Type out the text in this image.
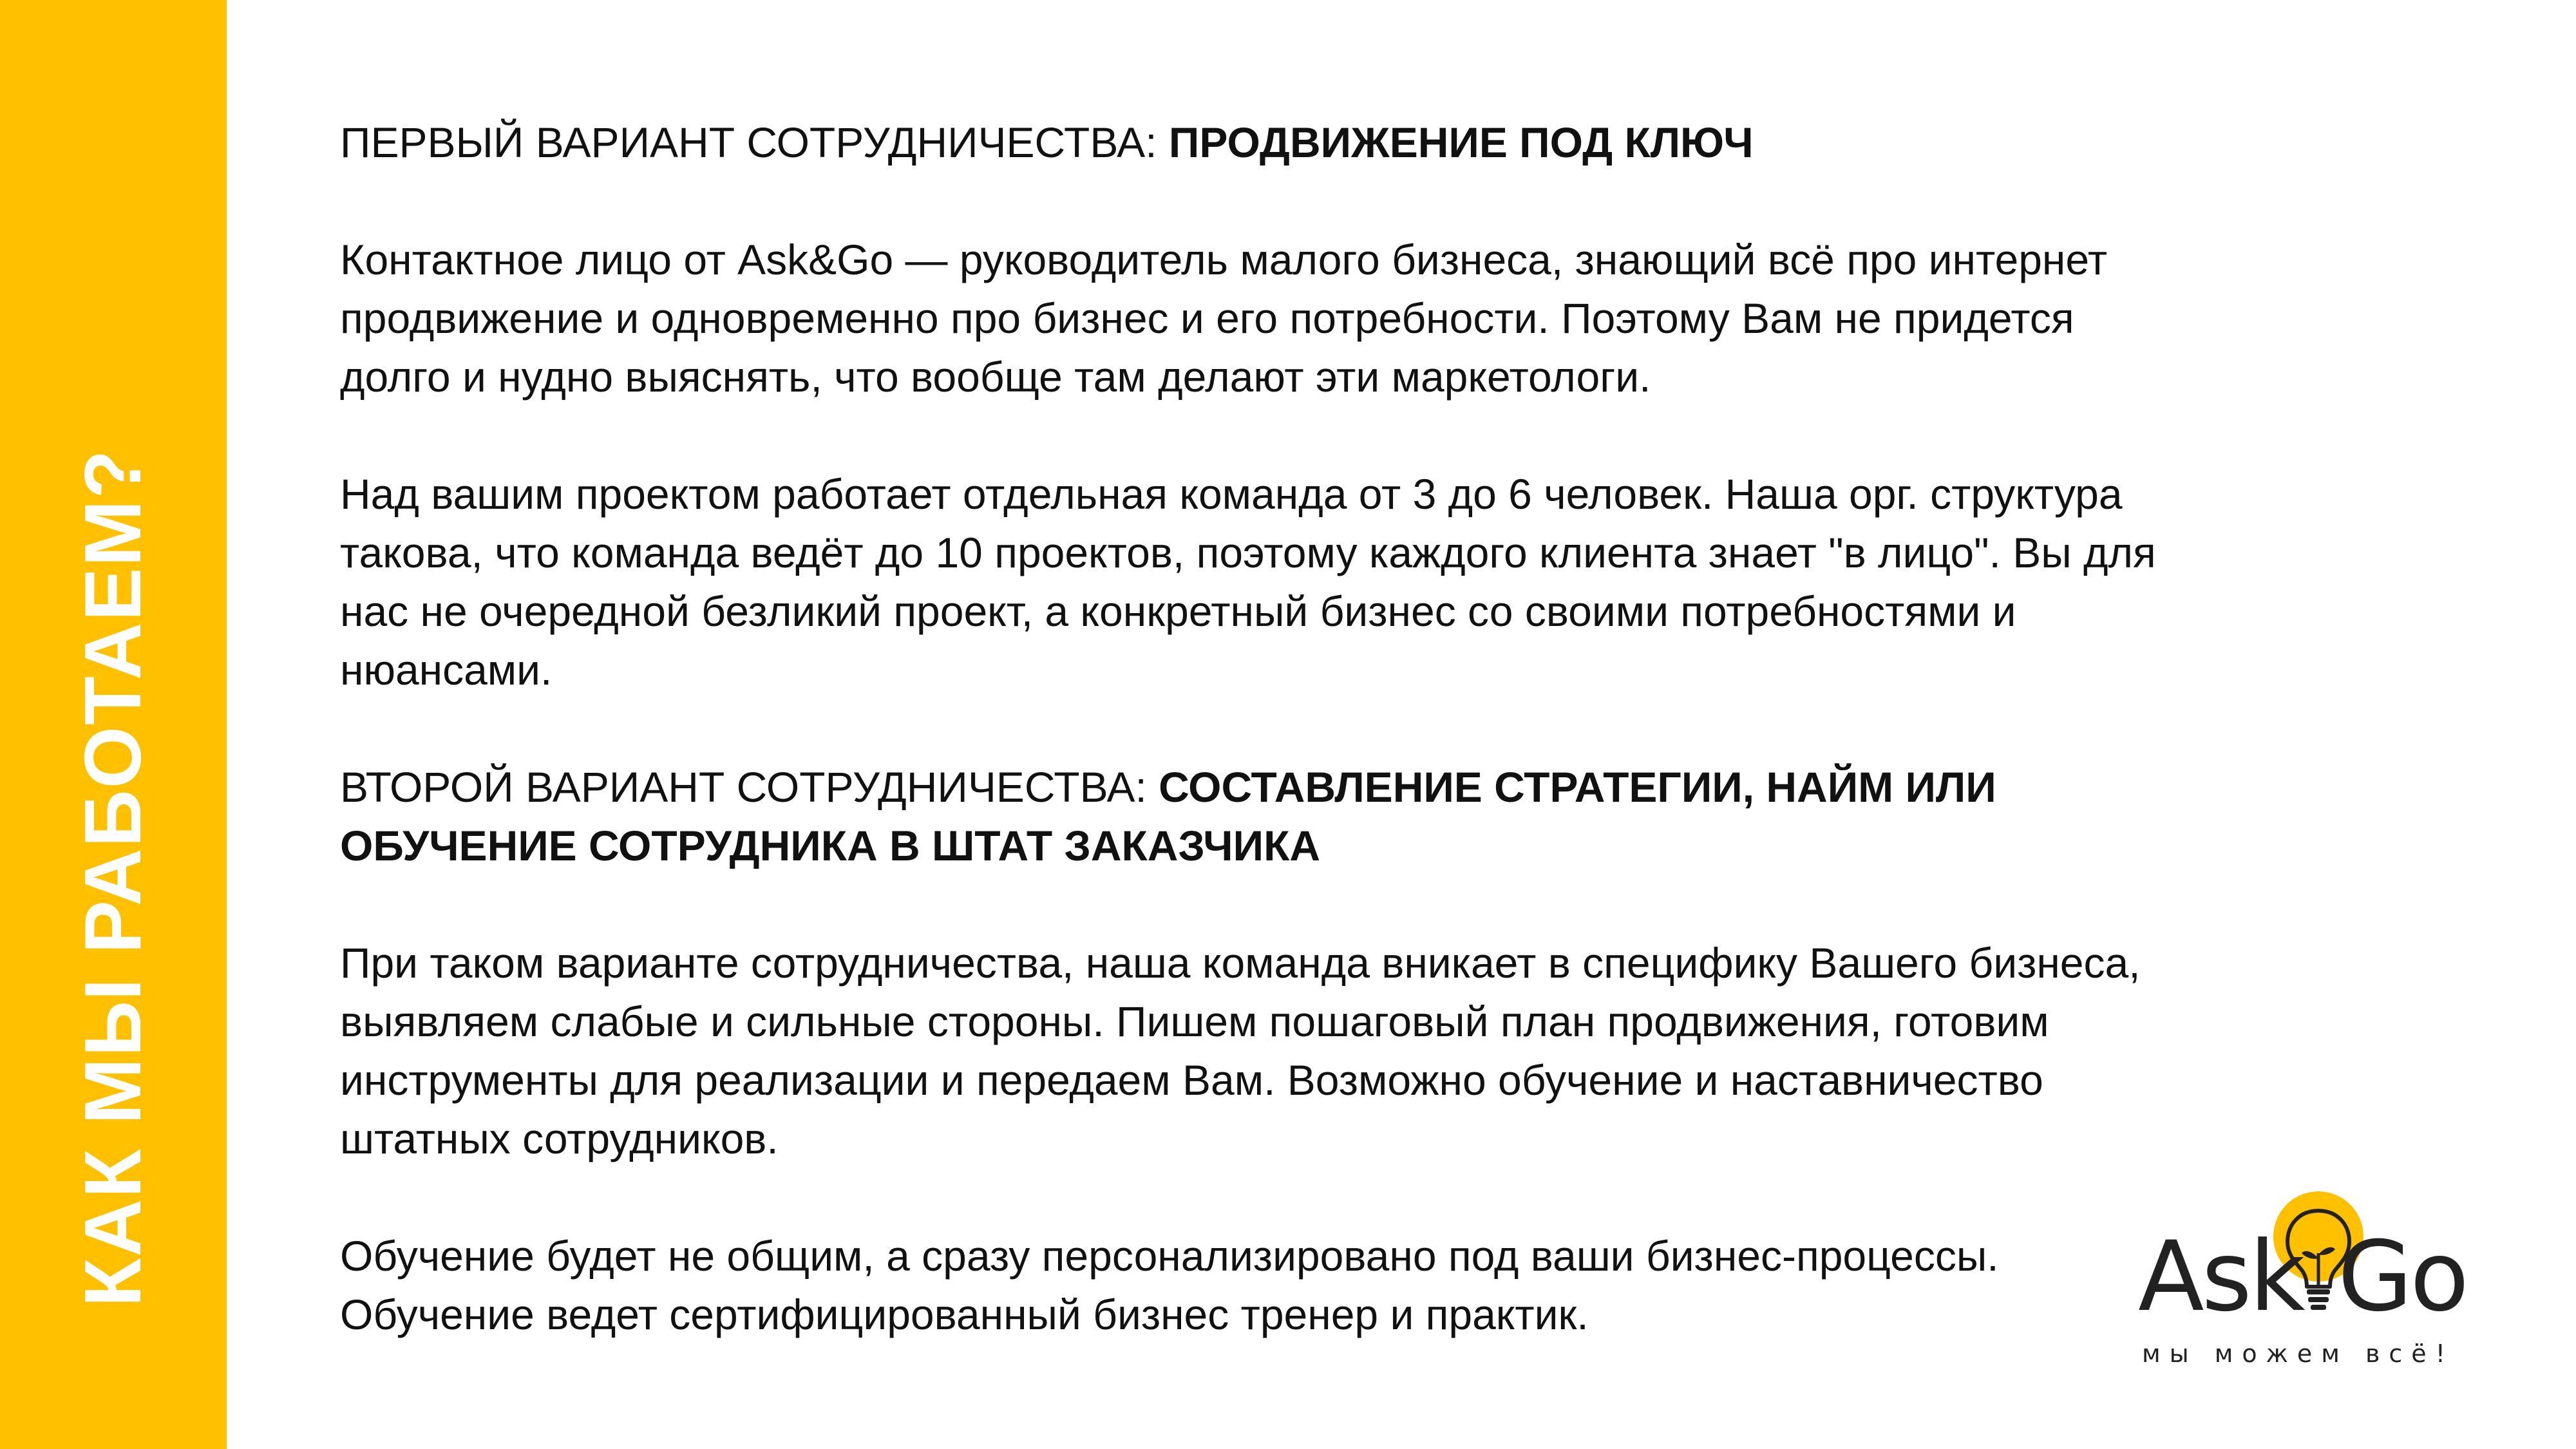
КАК МЫ РАБОТАЕМ?

ПЕРВЫЙ ВАРИАНТ СОТРУДНИЧЕСТВА: ПРОДВИЖЕНИЕ ПОД КЛЮЧ

Контактное лицо от Ask&Go — руководитель малого бизнеса, знающий всё про интернет продвижение и одновременно про бизнес и его потребности. Поэтому Вам не придется долго и нудно выяснять, что вообще там делают эти маркетологи.

Над вашим проектом работает отдельная команда от 3 до 6 человек. Наша орг. структура такова, что команда ведёт до 10 проектов, поэтому каждого клиента знает "в лицо". Вы для нас не очередной безликий проект, а конкретный бизнес со своими потребностями и нюансами.

ВТОРОЙ ВАРИАНТ СОТРУДНИЧЕСТВА: СОСТАВЛЕНИЕ СТРАТЕГИИ, НАЙМ ИЛИ ОБУЧЕНИЕ СОТРУДНИКА В ШТАТ ЗАКАЗЧИКА

При таком варианте сотрудничества, наша команда вникает в специфику Вашего бизнеса, выявляем слабые и сильные стороны. Пишем пошаговый план продвижения, готовим инструменты для реализации и передаем Вам. Возможно обучение и наставничество штатных сотрудников.

Обучение будет не общим, а сразу персонализировано под ваши бизнес-процессы. Обучение ведет сертифицированный бизнес тренер и практик.	Ask Go
мы можем всё!
